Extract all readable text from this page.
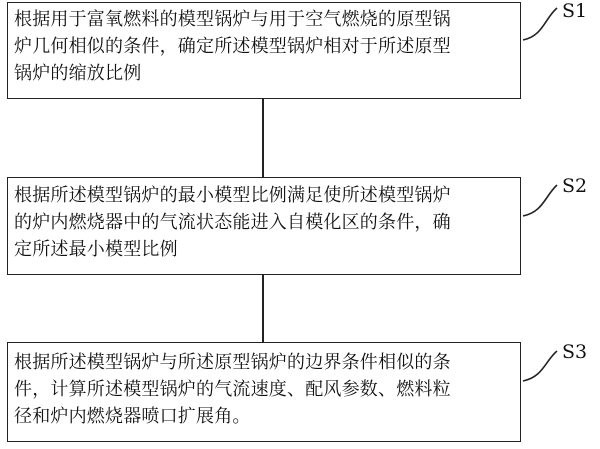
根据用于富氧燃料的模型锅炉与用于空气燃烧的原型锅
炉几何相似的条件，确定所述模型锅炉相对于所述原型
锅炉的缩放比例
根据所述模型锅炉的最小模型比例满足使所述模型锅炉
的炉内燃烧器中的气流状态能进入自模化区的条件，确
定所述最小模型比例
根据所述模型锅炉与所述原型锅炉的边界条件相似的条
件，计算所述模型锅炉的气流速度、配风参数、燃料粒
径和炉内燃烧器喷口扩展角。
S1
S2
S3
